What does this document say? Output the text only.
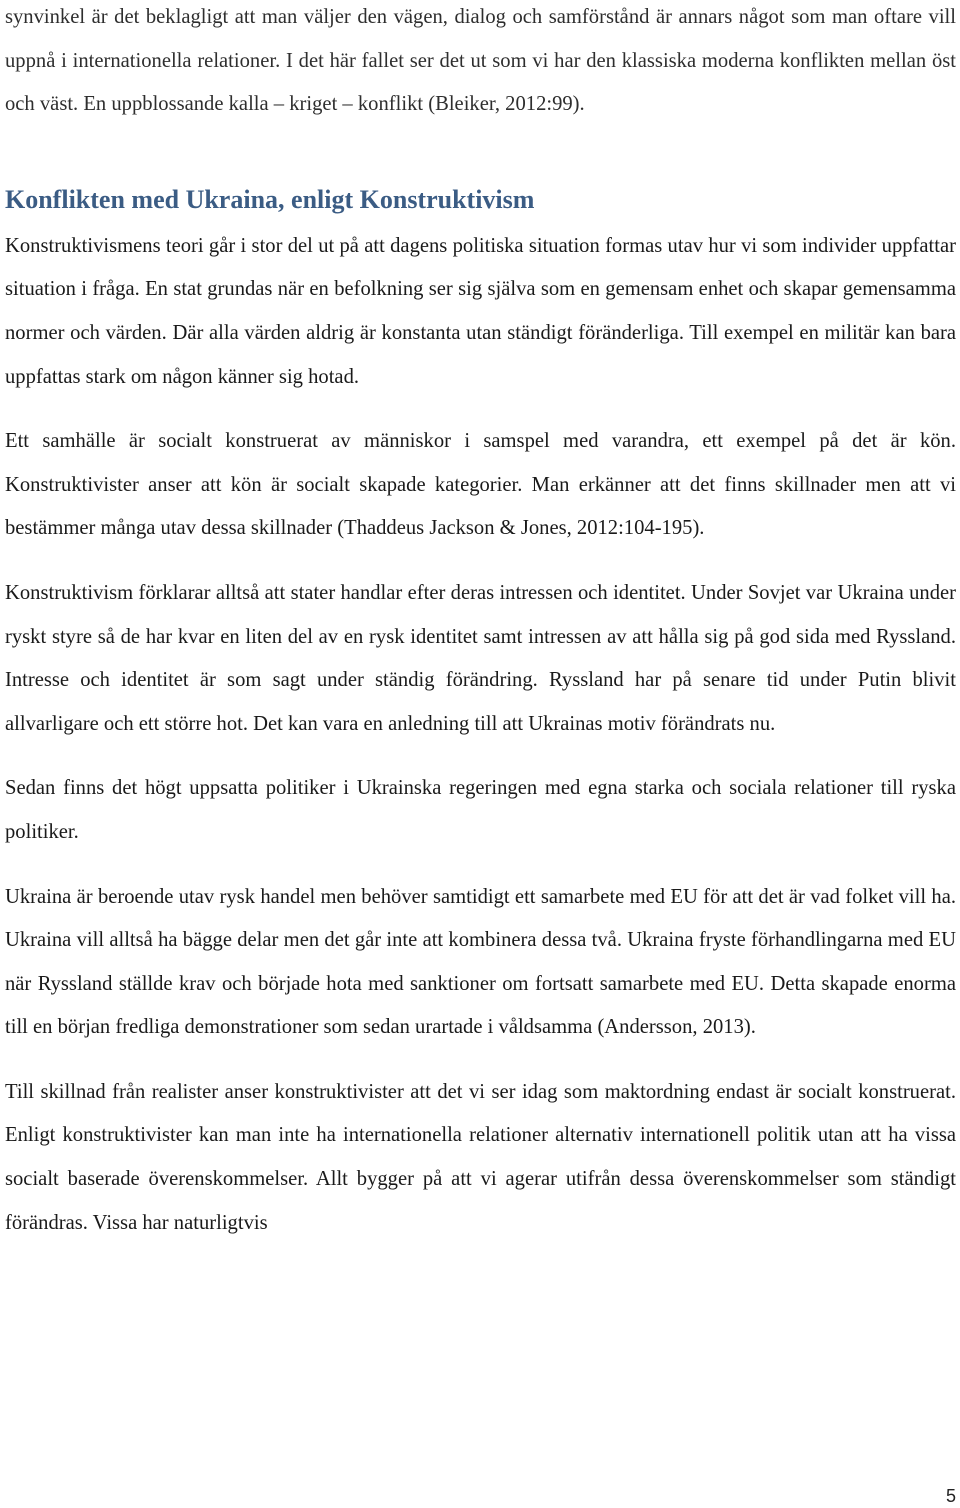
synvinkel är det beklagligt att man väljer den vägen, dialog och samförstånd är annars något som man oftare vill uppnå i internationella relationer. I det här fallet ser det ut som vi har den klassiska moderna konflikten mellan öst och väst. En uppblossande kalla – kriget – konflikt (Bleiker, 2012:99).

Konflikten med Ukraina, enligt Konstruktivism

Konstruktivismens teori går i stor del ut på att dagens politiska situation formas utav hur vi som individer uppfattar situation i fråga. En stat grundas när en befolkning ser sig själva som en gemensam enhet och skapar gemensamma normer och värden. Där alla värden aldrig är konstanta utan ständigt föränderliga. Till exempel en militär kan bara uppfattas stark om någon känner sig hotad.

Ett samhälle är socialt konstruerat av människor i samspel med varandra, ett exempel på det är kön. Konstruktivister anser att kön är socialt skapade kategorier. Man erkänner att det finns skillnader men att vi bestämmer många utav dessa skillnader (Thaddeus Jackson & Jones, 2012:104-195).

Konstruktivism förklarar alltså att stater handlar efter deras intressen och identitet. Under Sovjet var Ukraina under ryskt styre så de har kvar en liten del av en rysk identitet samt intressen av att hålla sig på god sida med Ryssland. Intresse och identitet är som sagt under ständig förändring. Ryssland har på senare tid under Putin blivit allvarligare och ett större hot. Det kan vara en anledning till att Ukrainas motiv förändrats nu.

Sedan finns det högt uppsatta politiker i Ukrainska regeringen med egna starka och sociala relationer till ryska politiker.

Ukraina är beroende utav rysk handel men behöver samtidigt ett samarbete med EU för att det är vad folket vill ha. Ukraina vill alltså ha bägge delar men det går inte att kombinera dessa två. Ukraina fryste förhandlingarna med EU när Ryssland ställde krav och började hota med sanktioner om fortsatt samarbete med EU. Detta skapade enorma till en början fredliga demonstrationer som sedan urartade i våldsamma (Andersson, 2013).

Till skillnad från realister anser konstruktivister att det vi ser idag som maktordning endast är socialt konstruerat. Enligt konstruktivister kan man inte ha internationella relationer alternativ internationell politik utan att ha vissa socialt baserade överenskommelser. Allt bygger på att vi agerar utifrån dessa överenskommelser som ständigt förändras. Vissa har naturligtvis

5
